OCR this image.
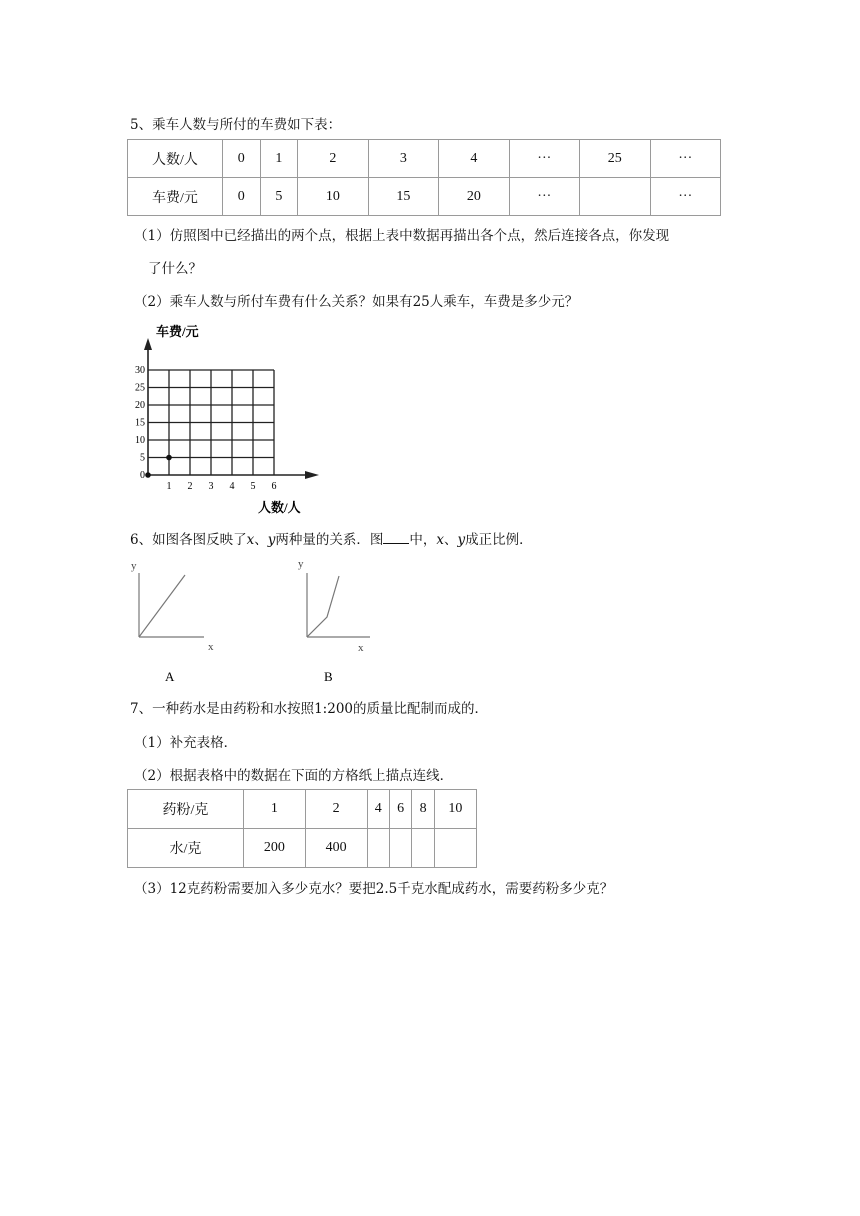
5、乘车人数与所付的车费如下表：
人数/人	0	1	2	3	4	···	25	···
车费/元	0	5	10	15	20	···		···
（1）仿照图中已经描出的两个点，根据上表中数据再描出各个点，然后连接各点，你发现
了什么？
（2）乘车人数与所付车费有什么关系？如果有25人乘车，车费是多少元？
车费/元
人数/人
0
5
10
15
20
25
30
1 2 3 4 5 6
6、如图各图反映了x、y两种量的关系．图 中，x、y成正比例．
y
x
A
y
x
B
7、一种药水是由药粉和水按照1:200的质量比配制而成的．
（1）补充表格．
（2）根据表格中的数据在下面的方格纸上描点连线．
药粉/克	1	2	4	6	8	10
水/克	200	400				
（3）12克药粉需要加入多少克水？要把2.5千克水配成药水，需要药粉多少克？
